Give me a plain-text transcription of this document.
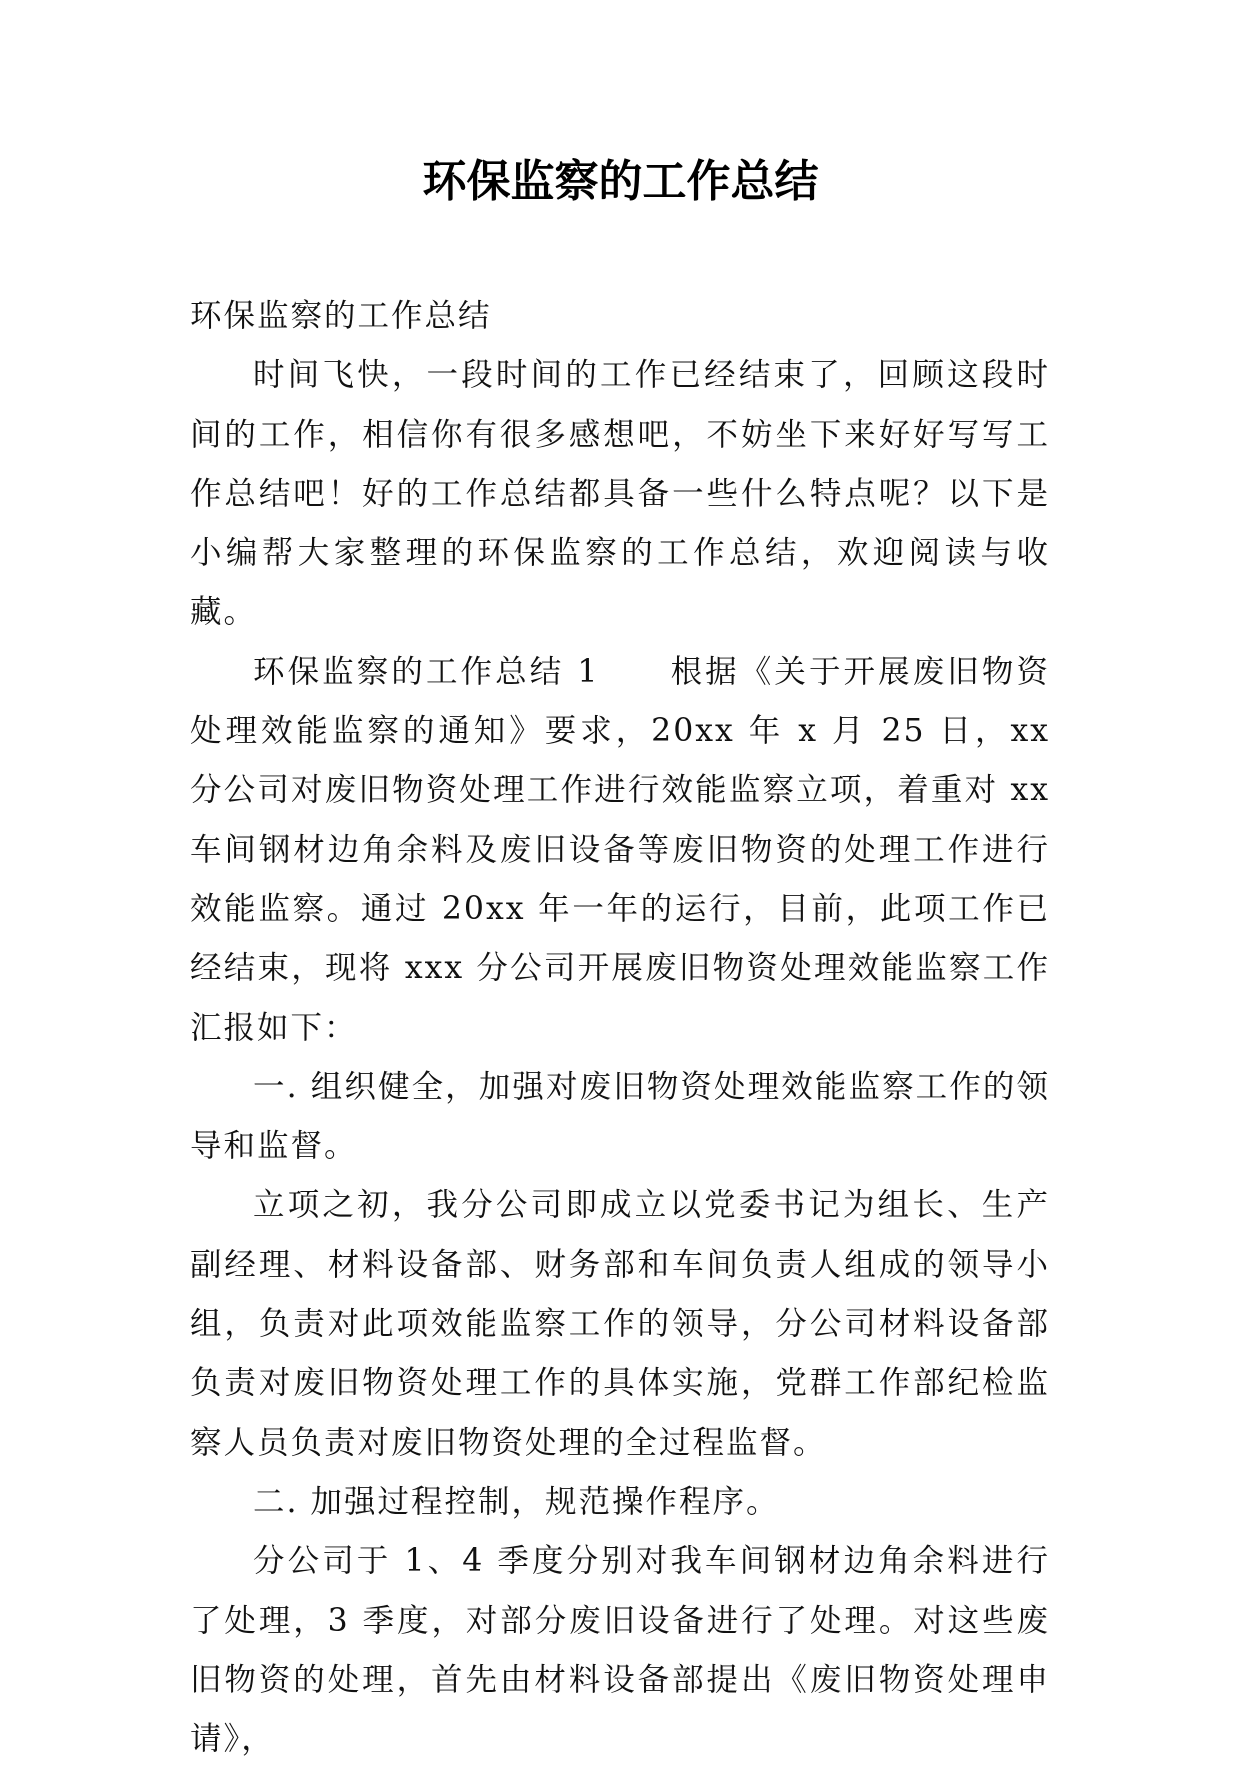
环保监察的工作总结

环保监察的工作总结

时间飞快，一段时间的工作已经结束了，回顾这段时间的工作，相信你有很多感想吧，不妨坐下来好好写写工作总结吧！好的工作总结都具备一些什么特点呢？以下是小编帮大家整理的环保监察的工作总结，欢迎阅读与收藏。

环保监察的工作总结 1 根据《关于开展废旧物资处理效能监察的通知》要求，20xx 年 x 月 25 日，xx 分公司对废旧物资处理工作进行效能监察立项，着重对 xx 车间钢材边角余料及废旧设备等废旧物资的处理工作进行效能监察。通过 20xx 年一年的运行，目前，此项工作已经结束，现将 xxx 分公司开展废旧物资处理效能监察工作汇报如下：

一. 组织健全，加强对废旧物资处理效能监察工作的领导和监督。

立项之初，我分公司即成立以党委书记为组长、生产副经理、材料设备部、财务部和车间负责人组成的领导小组，负责对此项效能监察工作的领导，分公司材料设备部负责对废旧物资处理工作的具体实施，党群工作部纪检监察人员负责对废旧物资处理的全过程监督。

二. 加强过程控制，规范操作程序。

分公司于 1、4 季度分别对我车间钢材边角余料进行了处理，3 季度，对部分废旧设备进行了处理。对这些废旧物资的处理，首先由材料设备部提出《废旧物资处理申请》，
